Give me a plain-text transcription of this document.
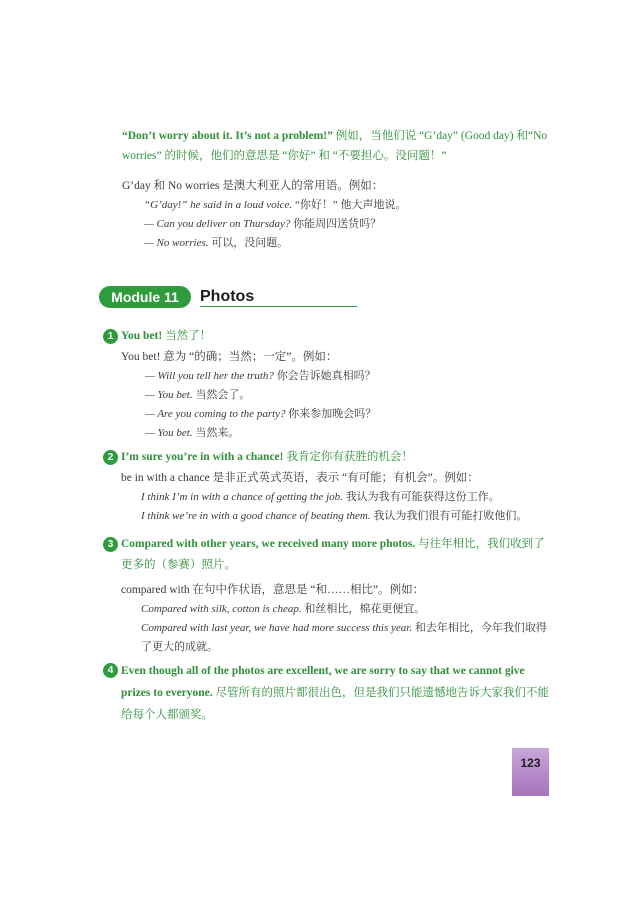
“Don’t worry about it. It’s not a problem!” 例如，当他们说 “G’day” (Good day) 和“No worries” 的时候，他们的意思是 “你好” 和 “不要担心。没问题！”

G’day 和 No worries 是澳大利亚人的常用语。例如：

“G’day!” he said in a loud voice. “你好！” 他大声地说。
— Can you deliver on Thursday? 你能周四送货吗？
— No worries. 可以，没问题。
Module 11	Photos
1 You bet! 当然了！

You bet! 意为 “的确；当然；一定”。例如：

— Will you tell her the truth? 你会告诉她真相吗？
— You bet. 当然会了。
— Are you coming to the party? 你来参加晚会吗？
— You bet. 当然来。
2 I’m sure you’re in with a chance! 我肯定你有获胜的机会！

be in with a chance 是非正式英式英语，表示 “有可能；有机会”。例如：

I think I’m in with a chance of getting the job. 我认为我有可能获得这份工作。
I think we’re in with a good chance of beating them. 我认为我们很有可能打败他们。
3 Compared with other years, we received many more photos. 与往年相比，我们收到了更多的（参赛）照片。

compared with 在句中作状语，意思是 “和……相比”。例如：

Compared with silk, cotton is cheap. 和丝相比，棉花更便宜。
Compared with last year, we have had more success this year. 和去年相比，今年我们取得了更大的成就。
4 Even though all of the photos are excellent, we are sorry to say that we cannot give prizes to everyone. 尽管所有的照片都很出色，但是我们只能遗憾地告诉大家我们不能给每个人都颁奖。
123
